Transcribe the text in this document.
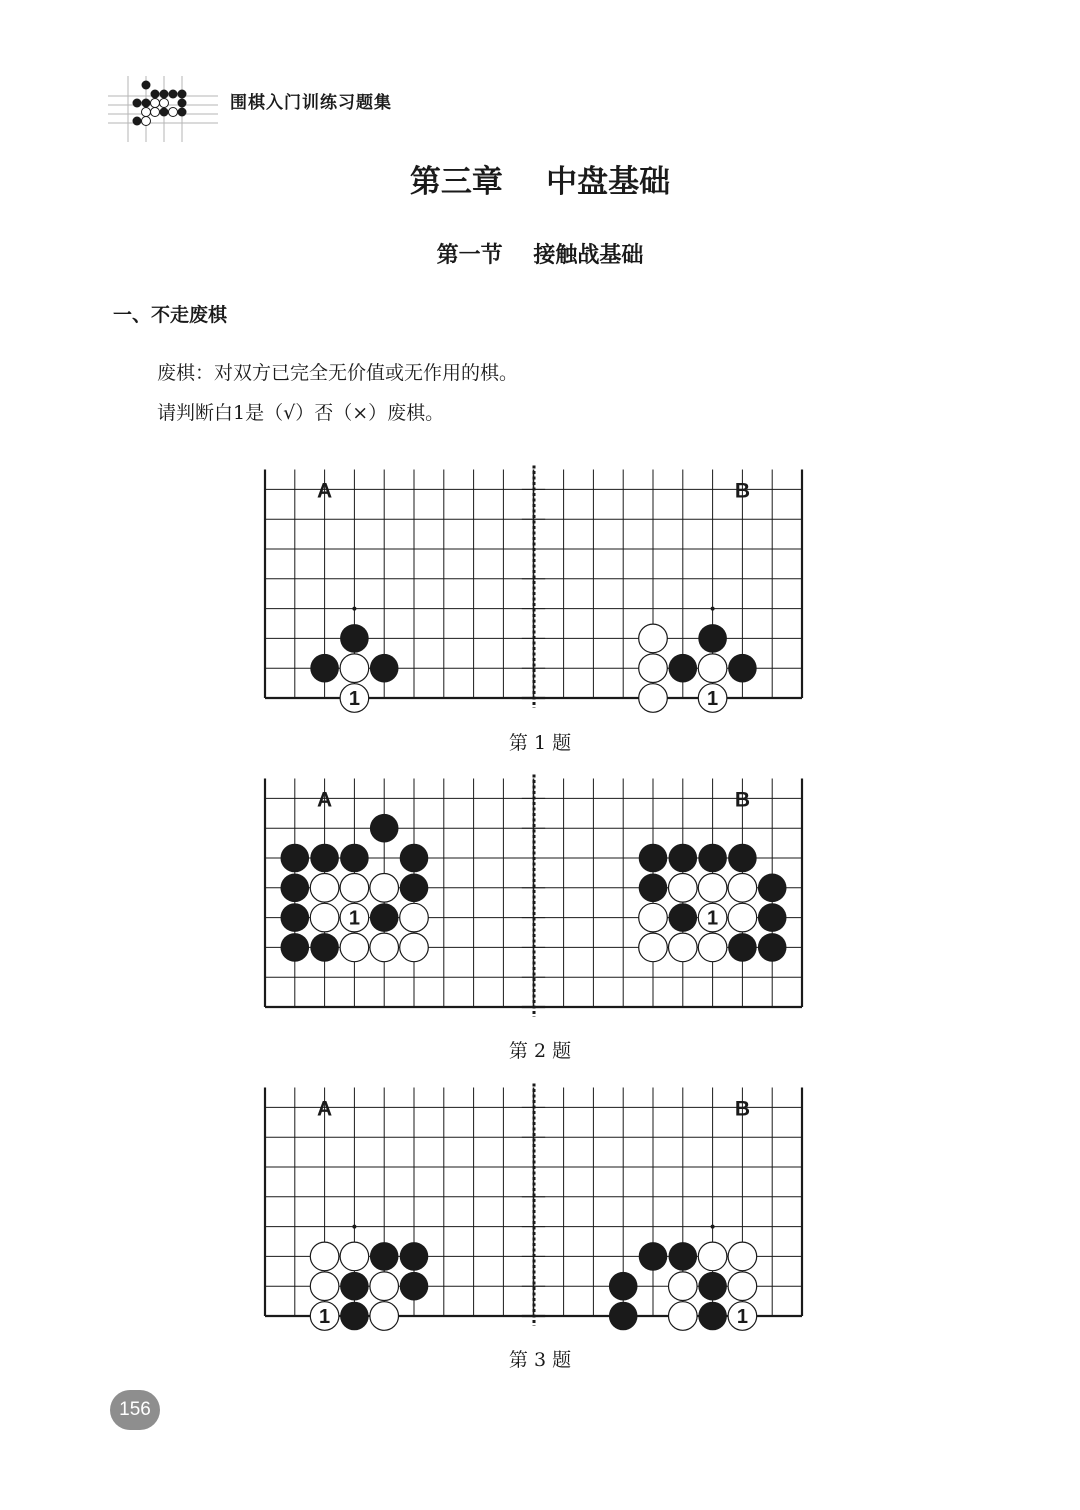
围棋入门训练习题集
第三章 中盘基础
第一节 接触战基础
一、不走废棋
废棋：对双方已完全无价值或无作用的棋。
请判断白1是（√）否（×）废棋。
A
1
B
1
A
1
B
1
A
1
B
1
第 1 题
第 2 题
第 3 题
156
